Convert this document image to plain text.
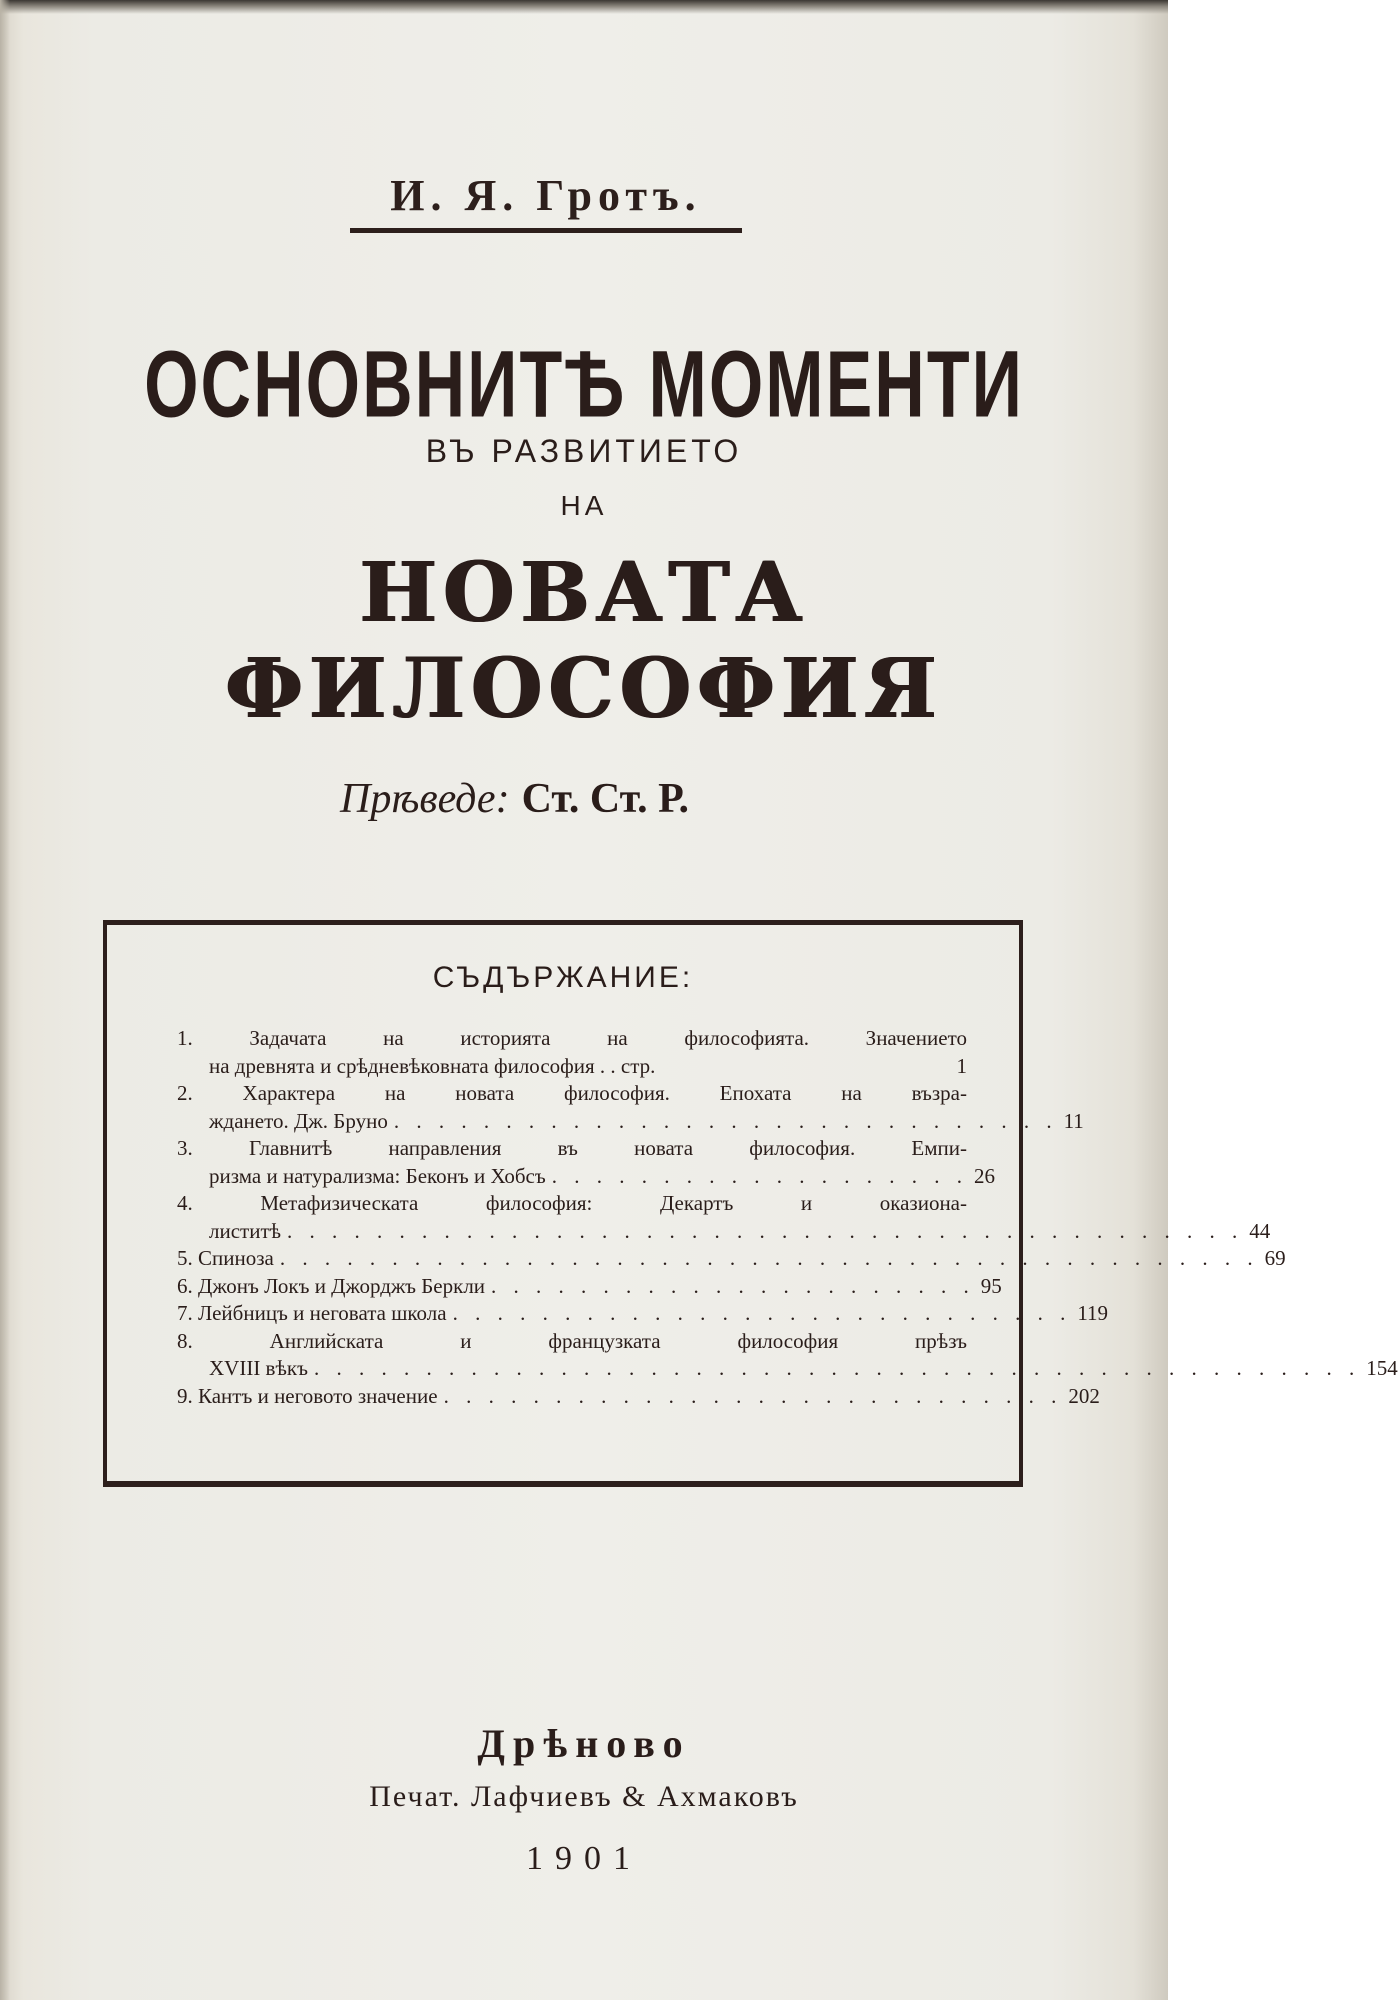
И. Я. Гротъ.
ОСНОВНИТѢ МОМЕНТИ
ВЪ РАЗВИТИЕТО
НА
НОВАТА ФИЛОСОФИЯ
Прѣведе: Ст. Ст. Р.
СЪДЪРЖАНИЕ:
1. Задачата на историята на философията. Значението
на древнята и срѣдневѣковната философия . . стр.	1
2. Характера на новата философия. Епохата на възра-
ждането. Дж. Бруно . . . . . . . . . . . . . . . . . . . . . . . . . . . . . . 11
3. Главнитѣ направления въ новата философия. Емпи-
ризма и натурализма: Беконъ и Хобсъ . . . . . . . . . . . . . . . . . . . 26
4. Метафизическата философия: Декартъ и оказиона-
листитѣ . . . . . . . . . . . . . . . . . . . . . . . . . . . . . . . . . . . . . . . . . . . 44
5. Спиноза . . . . . . . . . . . . . . . . . . . . . . . . . . . . . . . . . . . . . . . . . . . . 69
6. Джонъ Локъ и Джорджъ Беркли . . . . . . . . . . . . . . . . . . . . . . 95
7. Лейбницъ и неговата школа . . . . . . . . . . . . . . . . . . . . . . . . . . . . 119
8. Английската и французката философия прѣзъ
XVIII вѣкъ . . . . . . . . . . . . . . . . . . . . . . . . . . . . . . . . . . . . . . . . . . . . . . . 154
9. Кантъ и неговото значение . . . . . . . . . . . . . . . . . . . . . . . . . . . . 202
Дрѣново
Печат. Лафчиевъ & Ахмаковъ
1901
